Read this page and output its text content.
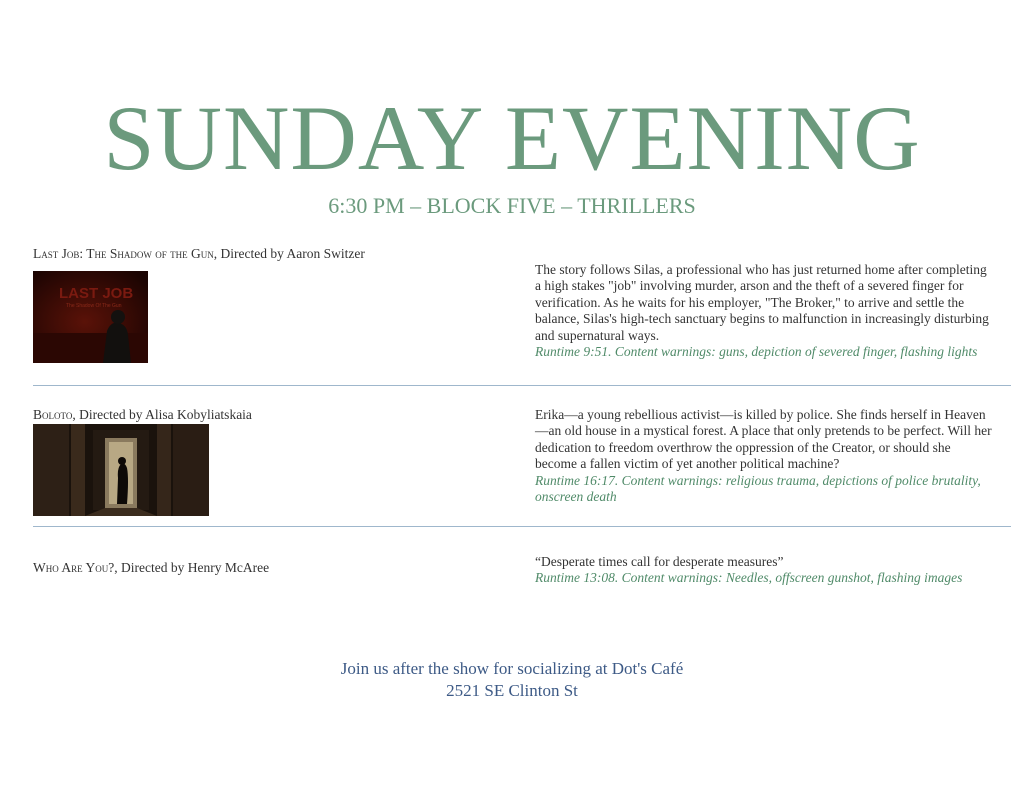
SUNDAY EVENING
6:30 PM – BLOCK FIVE – THRILLERS
Last Job: The Shadow of the Gun, Directed by Aaron Switzer
LAST JOB
The Shadow Of The Gun
The story follows Silas, a professional who has just returned home after completing a high stakes "job" involving murder, arson and the theft of a severed finger for verification. As he waits for his employer, "The Broker," to arrive and settle the balance, Silas's high-tech sanctuary begins to malfunction in increasingly disturbing and supernatural ways.
Runtime 9:51. Content warnings: guns, depiction of severed finger, flashing lights
Boloto, Directed by Alisa Kobyliatskaia	Erika—a young rebellious activist—is killed by police. She finds herself in Heaven—an old house in a mystical forest. A place that only pretends to be perfect. Will her dedication to freedom overthrow the oppression of the Creator, or should she become a fallen victim of yet another political machine?
Runtime 16:17. Content warnings: religious trauma, depictions of police brutality, onscreen death
Who Are You?, Directed by Henry McAree	“Desperate times call for desperate measures”
Runtime 13:08. Content warnings: Needles, offscreen gunshot, flashing images
Join us after the show for socializing at Dot's Café
2521 SE Clinton St
